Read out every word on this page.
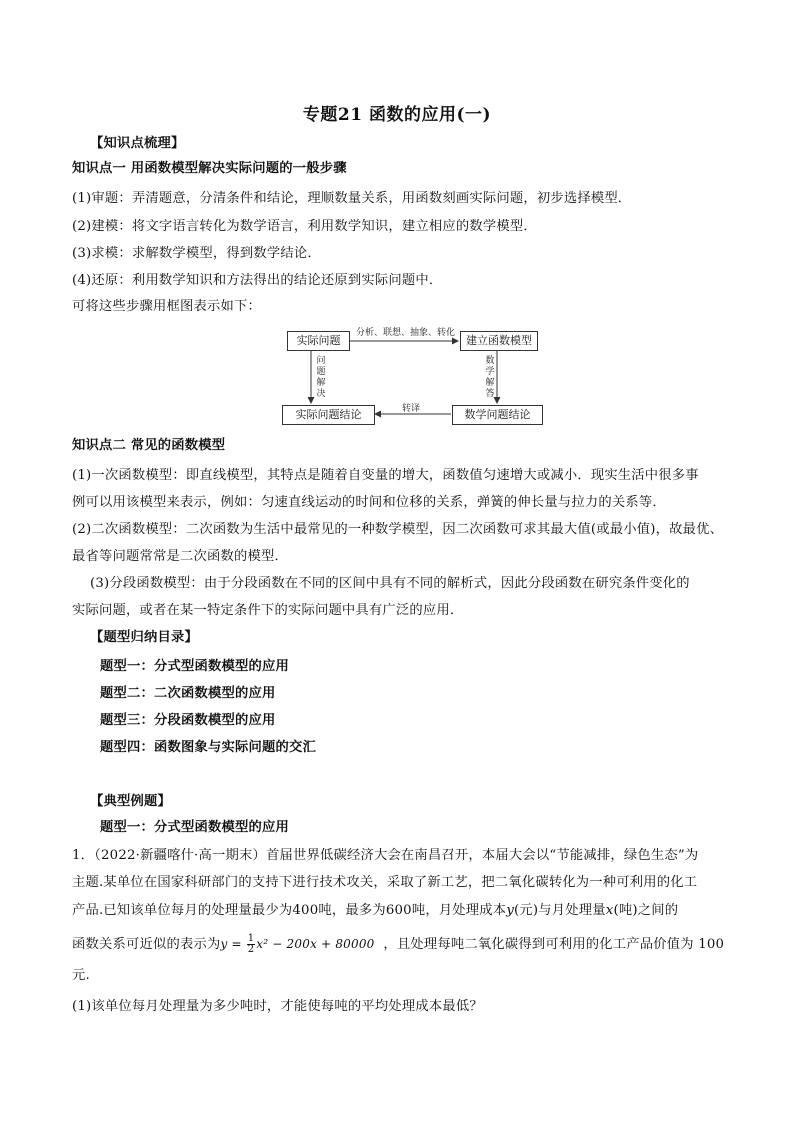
专题21 函数的应用(一)
【知识点梳理】
知识点一 用函数模型解决实际问题的一般步骤
(1)审题：弄清题意，分清条件和结论，理顺数量关系，用函数刻画实际问题，初步选择模型．
(2)建模：将文字语言转化为数学语言，利用数学知识，建立相应的数学模型．
(3)求模：求解数学模型，得到数学结论．
(4)还原：利用数学知识和方法得出的结论还原到实际问题中．
可将这些步骤用框图表示如下：
实际问题	建立函数模型
实际问题结论	数学问题结论
分析、联想、抽象、转化
转译
问
题
解
决
数
学
解
答
知识点二 常见的函数模型
(1)一次函数模型：即直线模型，其特点是随着自变量的增大，函数值匀速增大或减小．现实生活中很多事
例可以用该模型来表示，例如：匀速直线运动的时间和位移的关系，弹簧的伸长量与拉力的关系等．
(2)二次函数模型：二次函数为生活中最常见的一种数学模型，因二次函数可求其最大值(或最小值)，故最优、
最省等问题常常是二次函数的模型．
(3)分段函数模型：由于分段函数在不同的区间中具有不同的解析式，因此分段函数在研究条件变化的
实际问题，或者在某一特定条件下的实际问题中具有广泛的应用．
【题型归纳目录】
题型一：分式型函数模型的应用
题型二：二次函数模型的应用
题型三：分段函数模型的应用
题型四：函数图象与实际问题的交汇
【典型例题】
题型一：分式型函数模型的应用
1．（2022·新疆喀什·高一期末）首届世界低碳经济大会在南昌召开，本届大会以“节能减排，绿色生态”为
主题.某单位在国家科研部门的支持下进行技术攻关，采取了新工艺，把二氧化碳转化为一种可利用的化工
产品.已知该单位每月的处理量最少为400吨，最多为600吨，月处理成本y(元)与月处理量x(吨)之间的
函数关系可近似的表示为$y = \frac{1}{2} x^2 - 200x + 80000$ ，且处理每吨二氧化碳得到可利用的化工产品价值为 100
元.
(1)该单位每月处理量为多少吨时，才能使每吨的平均处理成本最低？
